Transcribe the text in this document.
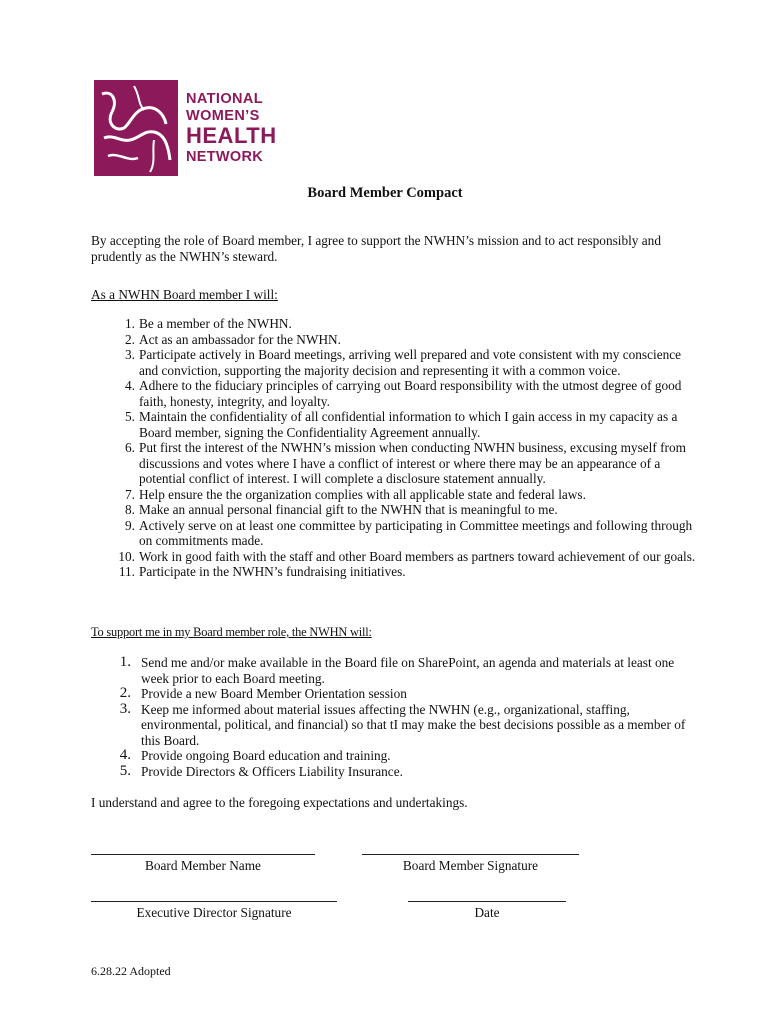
NATIONAL
WOMEN’S
HEALTH
NETWORK
Board Member Compact
By accepting the role of Board member, I agree to support the NWHN’s mission and to act responsibly and prudently as the NWHN’s steward.
As a NWHN Board member I will:
1. Be a member of the NWHN.
2. Act as an ambassador for the NWHN.
3. Participate actively in Board meetings, arriving well prepared and vote consistent with my conscience and conviction, supporting the majority decision and representing it with a common voice.
4. Adhere to the fiduciary principles of carrying out Board responsibility with the utmost degree of good faith, honesty, integrity, and loyalty.
5. Maintain the confidentiality of all confidential information to which I gain access in my capacity as a Board member, signing the Confidentiality Agreement annually.
6. Put first the interest of the NWHN’s mission when conducting NWHN business, excusing myself from discussions and votes where I have a conflict of interest or where there may be an appearance of a potential conflict of interest. I will complete a disclosure statement annually.
7. Help ensure the the organization complies with all applicable state and federal laws.
8. Make an annual personal financial gift to the NWHN that is meaningful to me.
9. Actively serve on at least one committee by participating in Committee meetings and following through on commitments made.
10. Work in good faith with the staff and other Board members as partners toward achievement of our goals.
11. Participate in the NWHN’s fundraising initiatives.
To support me in my Board member role, the NWHN will:
1. Send me and/or make available in the Board file on SharePoint, an agenda and materials at least one week prior to each Board meeting.
2. Provide a new Board Member Orientation session
3. Keep me informed about material issues affecting the NWHN (e.g., organizational, staffing, environmental, political, and financial) so that tI may make the best decisions possible as a member of this Board.
4. Provide ongoing Board education and training.
5. Provide Directors & Officers Liability Insurance.
I understand and agree to the foregoing expectations and undertakings.
Board Member Name	Board Member Signature
Executive Director Signature	Date
6.28.22 Adopted
